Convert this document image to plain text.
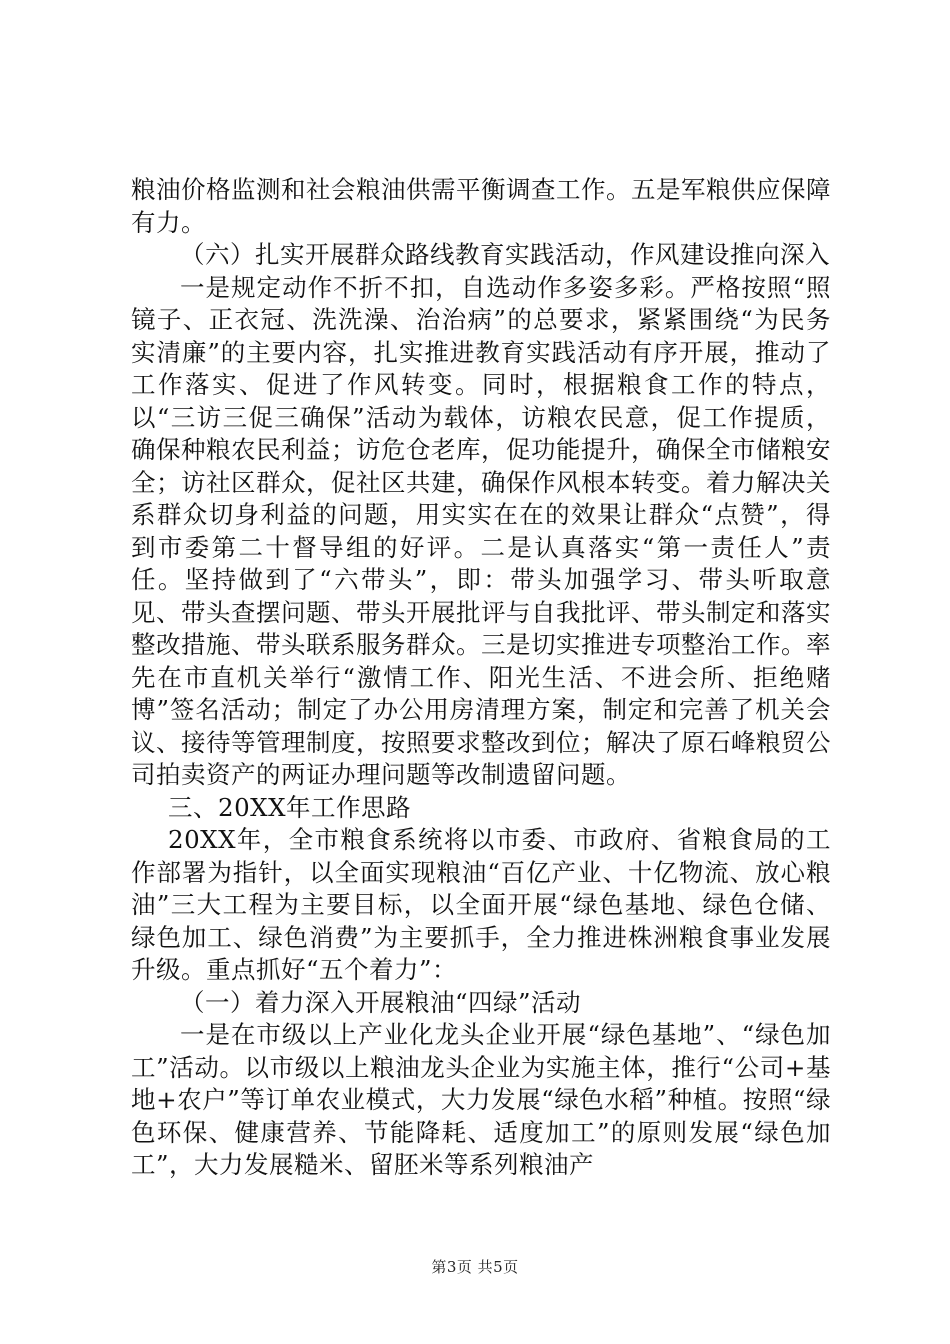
粮油价格监测和社会粮油供需平衡调查工作。五是军粮供应保障有力。

（六）扎实开展群众路线教育实践活动，作风建设推向深入

一是规定动作不折不扣，自选动作多姿多彩。严格按照“照镜子、正衣冠、洗洗澡、治治病”的总要求，紧紧围绕“为民务实清廉”的主要内容，扎实推进教育实践活动有序开展，推动了工作落实、促进了作风转变。同时，根据粮食工作的特点，以“三访三促三确保”活动为载体，访粮农民意，促工作提质，确保种粮农民利益；访危仓老库，促功能提升，确保全市储粮安全；访社区群众，促社区共建，确保作风根本转变。着力解决关系群众切身利益的问题，用实实在在的效果让群众“点赞”，得到市委第二十督导组的好评。二是认真落实“第一责任人”责任。坚持做到了“六带头”，即：带头加强学习、带头听取意见、带头查摆问题、带头开展批评与自我批评、带头制定和落实整改措施、带头联系服务群众。三是切实推进专项整治工作。率先在市直机关举行“激情工作、阳光生活、不进会所、拒绝赌博”签名活动；制定了办公用房清理方案，制定和完善了机关会议、接待等管理制度，按照要求整改到位；解决了原石峰粮贸公司拍卖资产的两证办理问题等改制遗留问题。

三、20XX年工作思路

20XX年，全市粮食系统将以市委、市政府、省粮食局的工作部署为指针，以全面实现粮油“百亿产业、十亿物流、放心粮油”三大工程为主要目标，以全面开展“绿色基地、绿色仓储、绿色加工、绿色消费”为主要抓手，全力推进株洲粮食事业发展升级。重点抓好“五个着力”：

（一）着力深入开展粮油“四绿”活动

一是在市级以上产业化龙头企业开展“绿色基地”、“绿色加工”活动。以市级以上粮油龙头企业为实施主体，推行“公司+基地+农户”等订单农业模式，大力发展“绿色水稻”种植。按照“绿色环保、健康营养、节能降耗、适度加工”的原则发展“绿色加工”，大力发展糙米、留胚米等系列粮油产

第3页 共5页
